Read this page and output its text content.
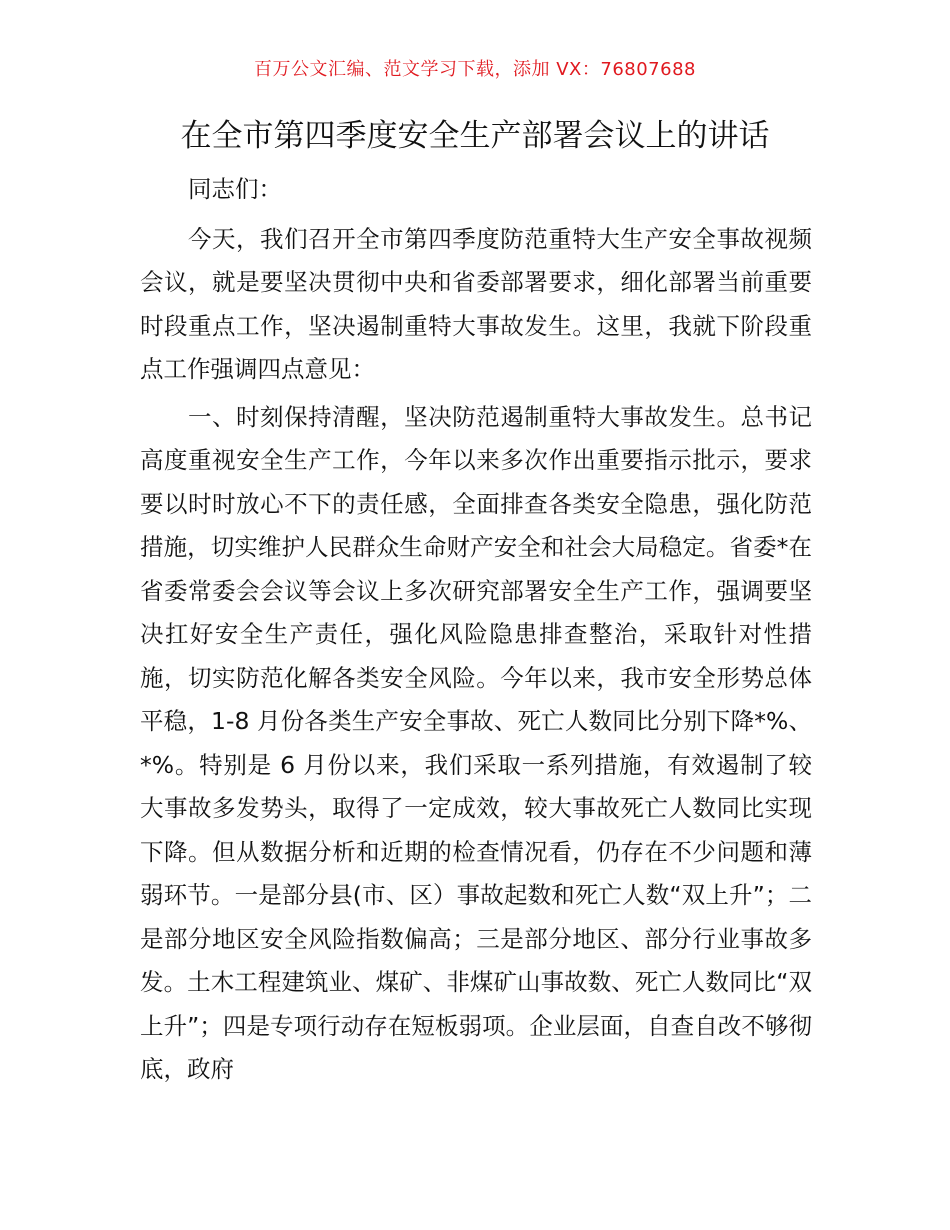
百万公文汇编、范文学习下载，添加 VX：76807688
在全市第四季度安全生产部署会议上的讲话

同志们：

今天，我们召开全市第四季度防范重特大生产安全事故视频会议，就是要坚决贯彻中央和省委部署要求，细化部署当前重要时段重点工作，坚决遏制重特大事故发生。这里，我就下阶段重点工作强调四点意见：

一、时刻保持清醒，坚决防范遏制重特大事故发生。总书记高度重视安全生产工作，今年以来多次作出重要指示批示，要求要以时时放心不下的责任感，全面排查各类安全隐患，强化防范措施，切实维护人民群众生命财产安全和社会大局稳定。省委*在省委常委会会议等会议上多次研究部署安全生产工作，强调要坚决扛好安全生产责任，强化风险隐患排查整治，采取针对性措施，切实防范化解各类安全风险。今年以来，我市安全形势总体平稳，1-8 月份各类生产安全事故、死亡人数同比分别下降*%、*%。特别是 6 月份以来，我们采取一系列措施，有效遏制了较大事故多发势头，取得了一定成效，较大事故死亡人数同比实现下降。但从数据分析和近期的检查情况看，仍存在不少问题和薄弱环节。一是部分县(市、区）事故起数和死亡人数“双上升”；二是部分地区安全风险指数偏高；三是部分地区、部分行业事故多发。土木工程建筑业、煤矿、非煤矿山事故数、死亡人数同比“双上升”；四是专项行动存在短板弱项。企业层面，自查自改不够彻底，政府
